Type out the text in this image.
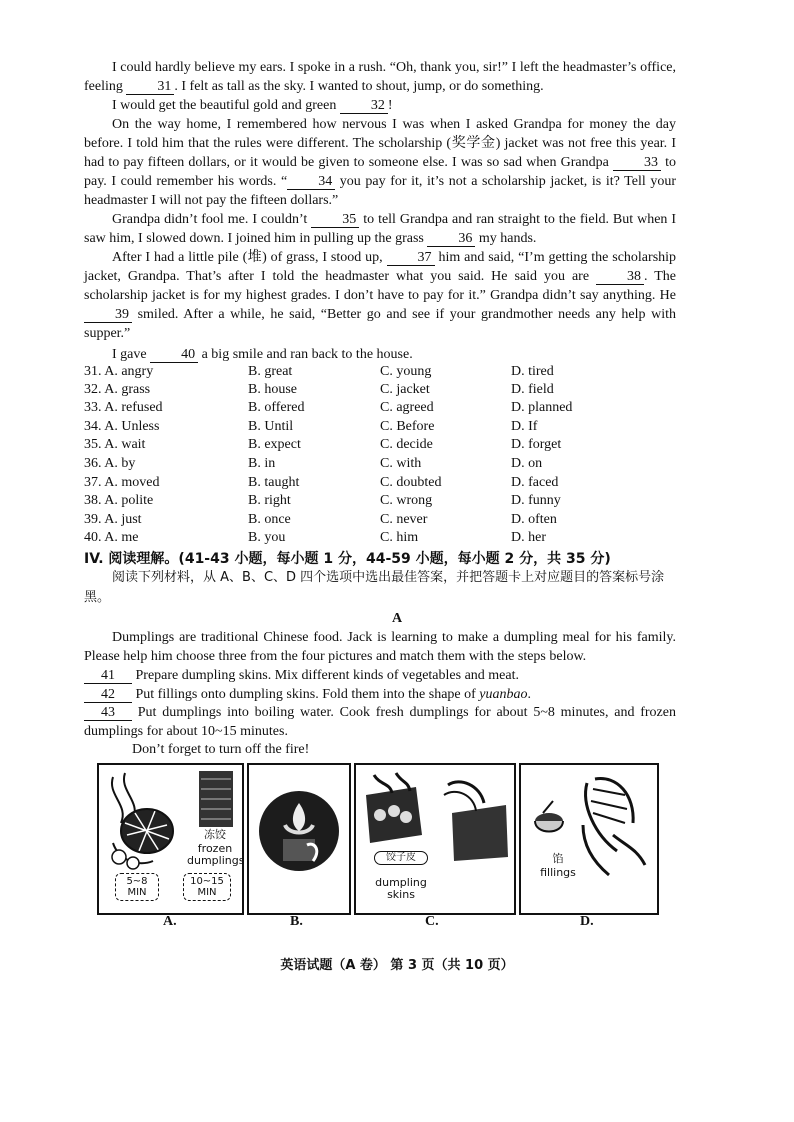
I could hardly believe my ears. I spoke in a rush. “Oh, thank you, sir!” I left the headmaster’s office, feeling 31 . I felt as tall as the sky. I wanted to shout, jump, or do something.

I would get the beautiful gold and green 32 !

On the way home, I remembered how nervous I was when I asked Grandpa for money the day before. I told him that the rules were different. The scholarship (奖学金) jacket was not free this year. I had to pay fifteen dollars, or it would be given to someone else. I was so sad when Grandpa	33 to pay. I could remember his words. “ 34 you pay for it, it’s not a scholarship jacket, is it? Tell your headmaster I will not pay the fifteen dollars.”

Grandpa didn’t fool me. I couldn’t 35 to tell Grandpa and ran straight to the field. But when I saw him, I slowed down. I joined him in pulling up the grass 36 my hands.

After I had a little pile (堆) of grass, I stood up, 37 him and said, “I’m getting the scholarship jacket, Grandpa. That’s after I told the headmaster what you said. He said you are	38 . The scholarship jacket is for my highest grades. I don’t have to pay for it.” Grandpa didn’t say anything. He 39 smiled. After a while, he said, “Better go and see if your grandmother needs any help with supper.”

I gave 40 a big smile and ran back to the house.

31. A. angry	B. great	C. young	D. tired
32. A. grass	B. house	C. jacket	D. field
33. A. refused	B. offered	C. agreed	D. planned
34. A. Unless	B. Until	C. Before	D. If
35. A. wait	B. expect	C. decide	D. forget
36. A. by	B. in	C. with	D. on
37. A. moved	B. taught	C. doubted	D. faced
38. A. polite	B. right	C. wrong	D. funny
39. A. just	B. once	C. never	D. often
40. A. me	B. you	C. him	D. her
IV. 阅读理解。(41-43 小题，每小题 1 分，44-59 小题，每小题 2 分，共 35 分)
阅读下列材料，从 A、B、C、D 四个选项中选出最佳答案，并把答题卡上对应题目的答案标号涂黑。
A

Dumplings are traditional Chinese food. Jack is learning to make a dumpling meal for his family. Please help him choose three from the four pictures and match them with the steps below.

41 Prepare dumpling skins. Mix different kinds of vegetables and meat.

42 Put fillings onto dumpling skins. Fold them into the shape of yuanbao.

43 Put dumplings into boiling water. Cook fresh dumplings for about 5~8 minutes, and frozen dumplings for about 10~15 minutes.

Don’t forget to turn off the fire!

冻饺
frozen
dumplings
5~8
MIN
10~15
MIN
饺子皮
dumpling
skins
馅
fillings
A.	B.	C.	D.
英语试题（A 卷） 第 3 页（共 10 页）
